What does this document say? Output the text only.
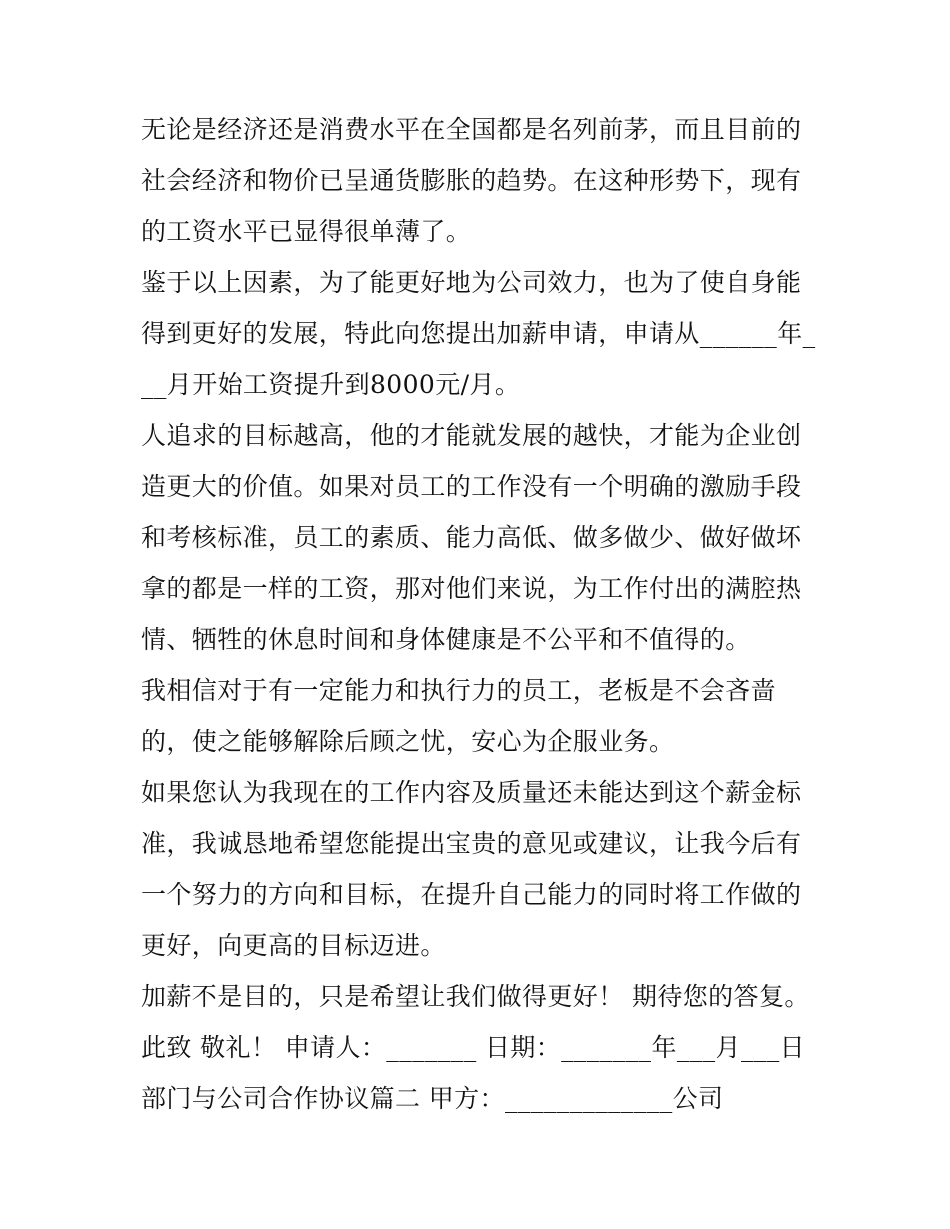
无论是经济还是消费水平在全国都是名列前茅，而且目前的社会经济和物价已呈通货膨胀的趋势。在这种形势下，现有的工资水平已显得很单薄了。

鉴于以上因素，为了能更好地为公司效力，也为了使自身能得到更好的发展，特此向您提出加薪申请，申请从______年___月开始工资提升到8000元/月。

人追求的目标越高，他的才能就发展的越快，才能为企业创造更大的价值。如果对员工的工作没有一个明确的激励手段和考核标准，员工的素质、能力高低、做多做少、做好做坏拿的都是一样的工资，那对他们来说，为工作付出的满腔热情、牺牲的休息时间和身体健康是不公平和不值得的。

我相信对于有一定能力和执行力的员工，老板是不会吝啬的，使之能够解除后顾之忧，安心为企服业务。

如果您认为我现在的工作内容及质量还未能达到这个薪金标准，我诚恳地希望您能提出宝贵的意见或建议，让我今后有一个努力的方向和目标，在提升自己能力的同时将工作做的更好，向更高的目标迈进。

加薪不是目的，只是希望让我们做得更好！ 期待您的答复。

此致 敬礼！ 申请人：_______ 日期：_______年___月___日

部门与公司合作协议篇二 甲方：_____________公司
